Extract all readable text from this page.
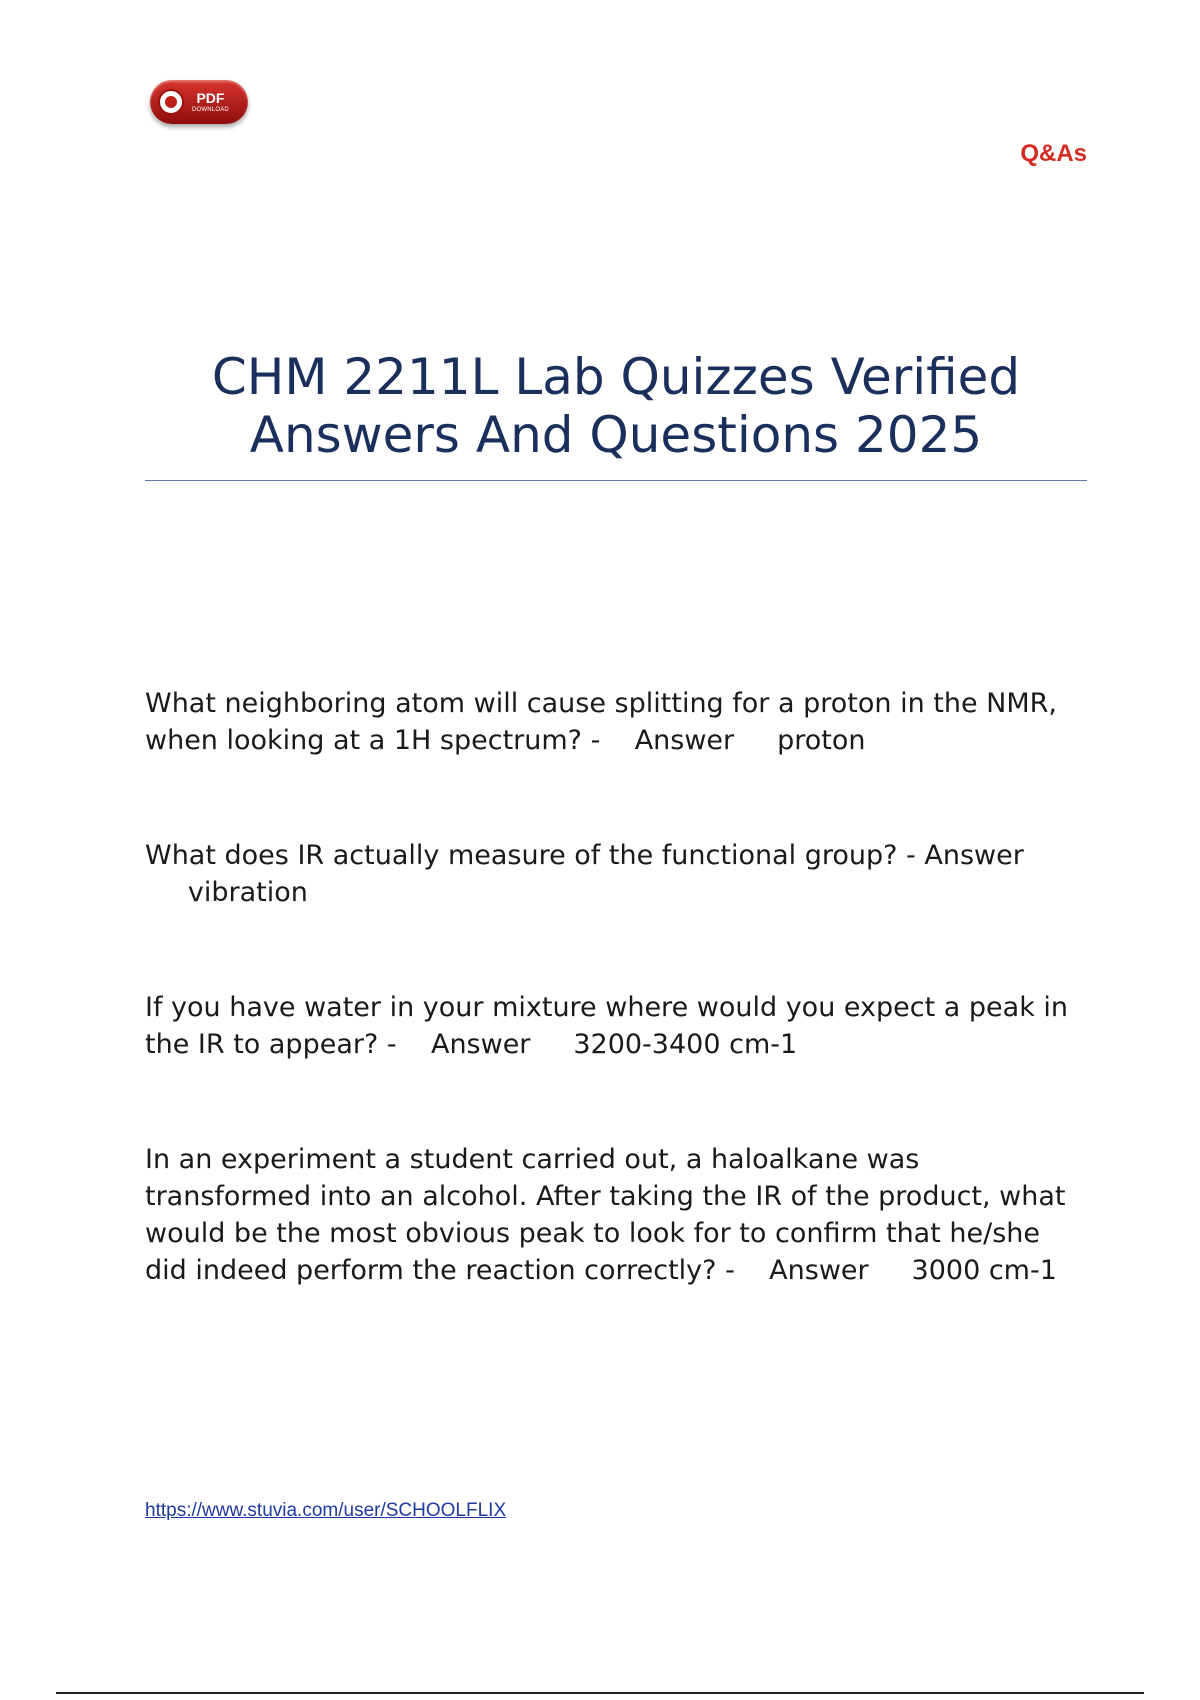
PDF
DOWNLOAD
Q&As
CHM 2211L Lab Quizzes Verified Answers And Questions 2025
What neighboring atom will cause splitting for a proton in the NMR, when looking at a 1H spectrum? - Answer proton
What does IR actually measure of the functional group? - Answer     vibration
If you have water in your mixture where would you expect a peak in the IR to appear? - Answer 3200-3400 cm-1
In an experiment a student carried out, a haloalkane was transformed into an alcohol. After taking the IR of the product, what would be the most obvious peak to look for to confirm that he/she did indeed perform the reaction correctly? - Answer 3000 cm-1
https://www.stuvia.com/user/SCHOOLFLIX
